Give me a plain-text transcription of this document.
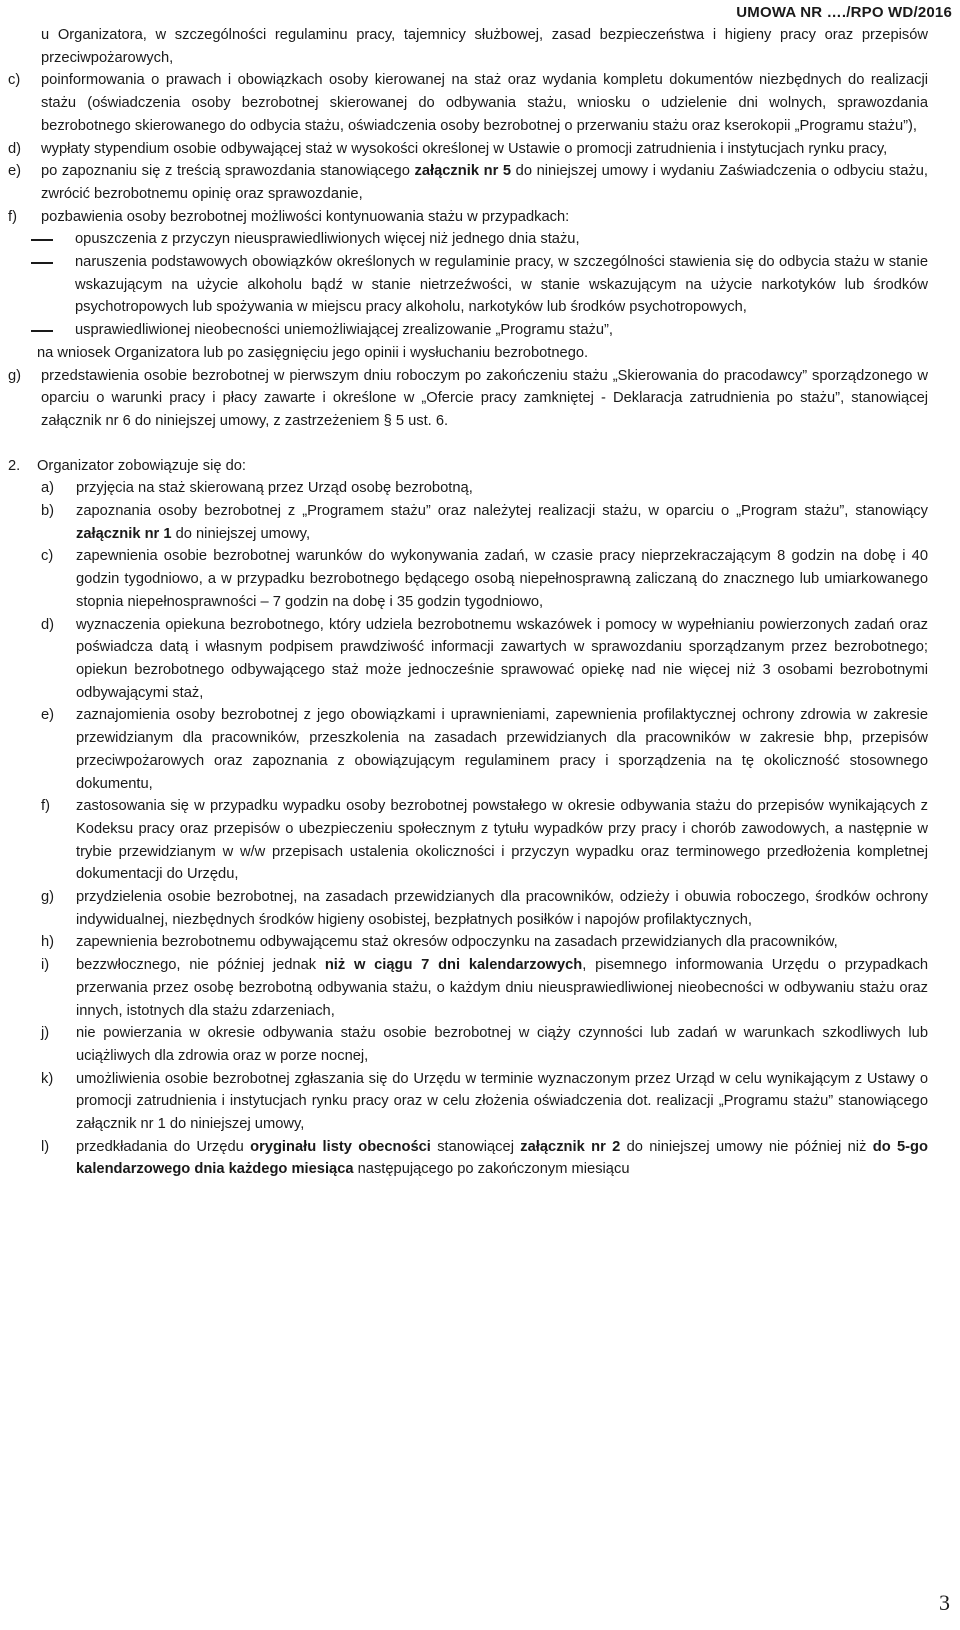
UMOWA NR …./RPO WD/2016

u Organizatora, w szczególności regulaminu pracy, tajemnicy służbowej, zasad bezpieczeństwa i higieny pracy oraz przepisów przeciwpożarowych,

c) poinformowania o prawach i obowiązkach osoby kierowanej na staż oraz wydania kompletu dokumentów niezbędnych do realizacji stażu (oświadczenia osoby bezrobotnej skierowanej do odbywania stażu, wniosku o udzielenie dni wolnych, sprawozdania bezrobotnego skierowanego do odbycia stażu, oświadczenia osoby bezrobotnej o przerwaniu stażu oraz kserokopii „Programu stażu”),

d) wypłaty stypendium osobie odbywającej staż w wysokości określonej w Ustawie o promocji zatrudnienia i instytucjach rynku pracy,

e) po zapoznaniu się z treścią sprawozdania stanowiącego załącznik nr 5 do niniejszej umowy i wydaniu Zaświadczenia o odbyciu stażu, zwrócić bezrobotnemu opinię oraz sprawozdanie,

f) pozbawienia osoby bezrobotnej możliwości kontynuowania stażu w przypadkach:

opuszczenia z przyczyn nieusprawiedliwionych więcej niż jednego dnia stażu,

naruszenia podstawowych obowiązków określonych w regulaminie pracy, w szczególności stawienia się do odbycia stażu w stanie wskazującym na użycie alkoholu bądź w stanie nietrzeźwości, w stanie wskazującym na użycie narkotyków lub środków psychotropowych lub spożywania w miejscu pracy alkoholu, narkotyków lub środków psychotropowych,

usprawiedliwionej nieobecności uniemożliwiającej zrealizowanie „Programu stażu”,

na wniosek Organizatora lub po zasięgnięciu jego opinii i wysłuchaniu bezrobotnego.

g) przedstawienia osobie bezrobotnej w pierwszym dniu roboczym po zakończeniu stażu „Skierowania do pracodawcy” sporządzonego w oparciu o warunki pracy i płacy zawarte i określone w „Ofercie pracy zamkniętej - Deklaracja zatrudnienia po stażu”, stanowiącej załącznik nr 6 do niniejszej umowy, z zastrzeżeniem § 5 ust. 6.

2. Organizator zobowiązuje się do:

a) przyjęcia na staż skierowaną przez Urząd osobę bezrobotną,

b) zapoznania osoby bezrobotnej z „Programem stażu” oraz należytej realizacji stażu, w oparciu o „Program stażu”, stanowiący załącznik nr 1 do niniejszej umowy,

c) zapewnienia osobie bezrobotnej warunków do wykonywania zadań, w czasie pracy nieprzekraczającym 8 godzin na dobę i 40 godzin tygodniowo, a w przypadku bezrobotnego będącego osobą niepełnosprawną zaliczaną do znacznego lub umiarkowanego stopnia niepełnosprawności – 7 godzin na dobę i 35 godzin tygodniowo,

d) wyznaczenia opiekuna bezrobotnego, który udziela bezrobotnemu wskazówek i pomocy w wypełnianiu powierzonych zadań oraz poświadcza datą i własnym podpisem prawdziwość informacji zawartych w sprawozdaniu sporządzanym przez bezrobotnego; opiekun bezrobotnego odbywającego staż może jednocześnie sprawować opiekę nad nie więcej niż 3 osobami bezrobotnymi odbywającymi staż,

e) zaznajomienia osoby bezrobotnej z jego obowiązkami i uprawnieniami, zapewnienia profilaktycznej ochrony zdrowia w zakresie przewidzianym dla pracowników, przeszkolenia na zasadach przewidzianych dla pracowników w zakresie bhp, przepisów przeciwpożarowych oraz zapoznania z obowiązującym regulaminem pracy i sporządzenia na tę okoliczność stosownego dokumentu,

f) zastosowania się w przypadku wypadku osoby bezrobotnej powstałego w okresie odbywania stażu do przepisów wynikających z Kodeksu pracy oraz przepisów o ubezpieczeniu społecznym z tytułu wypadków przy pracy i chorób zawodowych, a następnie w trybie przewidzianym w w/w przepisach ustalenia okoliczności i przyczyn wypadku oraz terminowego przedłożenia kompletnej dokumentacji do Urzędu,

g) przydzielenia osobie bezrobotnej, na zasadach przewidzianych dla pracowników, odzieży i obuwia roboczego, środków ochrony indywidualnej, niezbędnych środków higieny osobistej, bezpłatnych posiłków i napojów profilaktycznych,

h) zapewnienia bezrobotnemu odbywającemu staż okresów odpoczynku na zasadach przewidzianych dla pracowników,

i) bezzwłocznego, nie później jednak niż w ciągu 7 dni kalendarzowych, pisemnego informowania Urzędu o przypadkach przerwania przez osobę bezrobotną odbywania stażu, o każdym dniu nieusprawiedliwionej nieobecności w odbywaniu stażu oraz innych, istotnych dla stażu zdarzeniach,

j) nie powierzania w okresie odbywania stażu osobie bezrobotnej w ciąży czynności lub zadań w warunkach szkodliwych lub uciążliwych dla zdrowia oraz w porze nocnej,

k) umożliwienia osobie bezrobotnej zgłaszania się do Urzędu w terminie wyznaczonym przez Urząd w celu wynikającym z Ustawy o promocji zatrudnienia i instytucjach rynku pracy oraz w celu złożenia oświadczenia dot. realizacji „Programu stażu” stanowiącego załącznik nr 1 do niniejszej umowy,

l) przedkładania do Urzędu oryginału listy obecności stanowiącej załącznik nr 2 do niniejszej umowy nie później niż do 5-go kalendarzowego dnia każdego miesiąca następującego po zakończonym miesiącu

3
